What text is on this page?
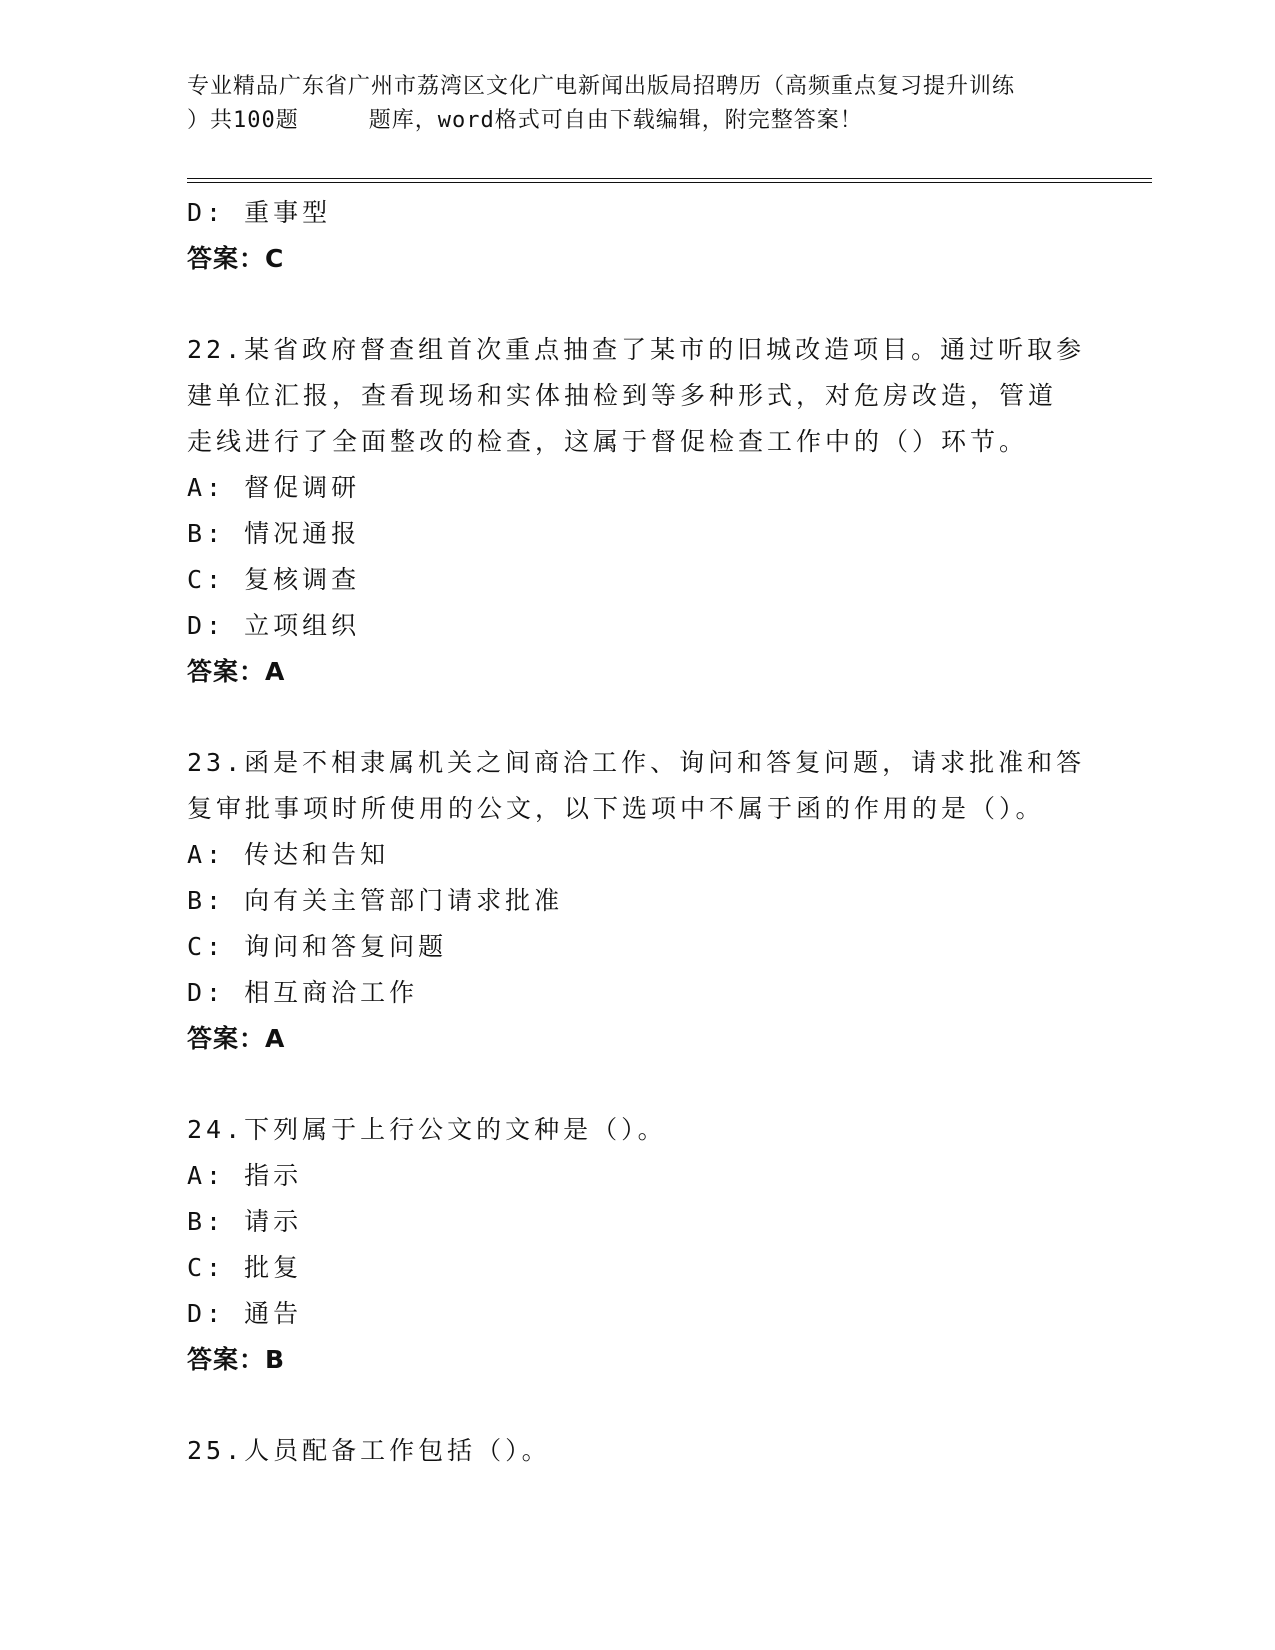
专业精品广东省广州市荔湾区文化广电新闻出版局招聘历（高频重点复习提升训练
）共100题	题库，word格式可自由下载编辑，附完整答案！
D: 重事型
答案：C
22.某省政府督查组首次重点抽查了某市的旧城改造项目。通过听取参
建单位汇报，查看现场和实体抽检到等多种形式，对危房改造，管道
走线进行了全面整改的检查，这属于督促检查工作中的（）环节。
A: 督促调研
B: 情况通报
C: 复核调查
D: 立项组织
答案：A
23.函是不相隶属机关之间商洽工作、询问和答复问题，请求批准和答
复审批事项时所使用的公文，以下选项中不属于函的作用的是（）。
A: 传达和告知
B: 向有关主管部门请求批准
C: 询问和答复问题
D: 相互商洽工作
答案：A
24.下列属于上行公文的文种是（）。
A: 指示
B: 请示
C: 批复
D: 通告
答案：B
25.人员配备工作包括（）。
